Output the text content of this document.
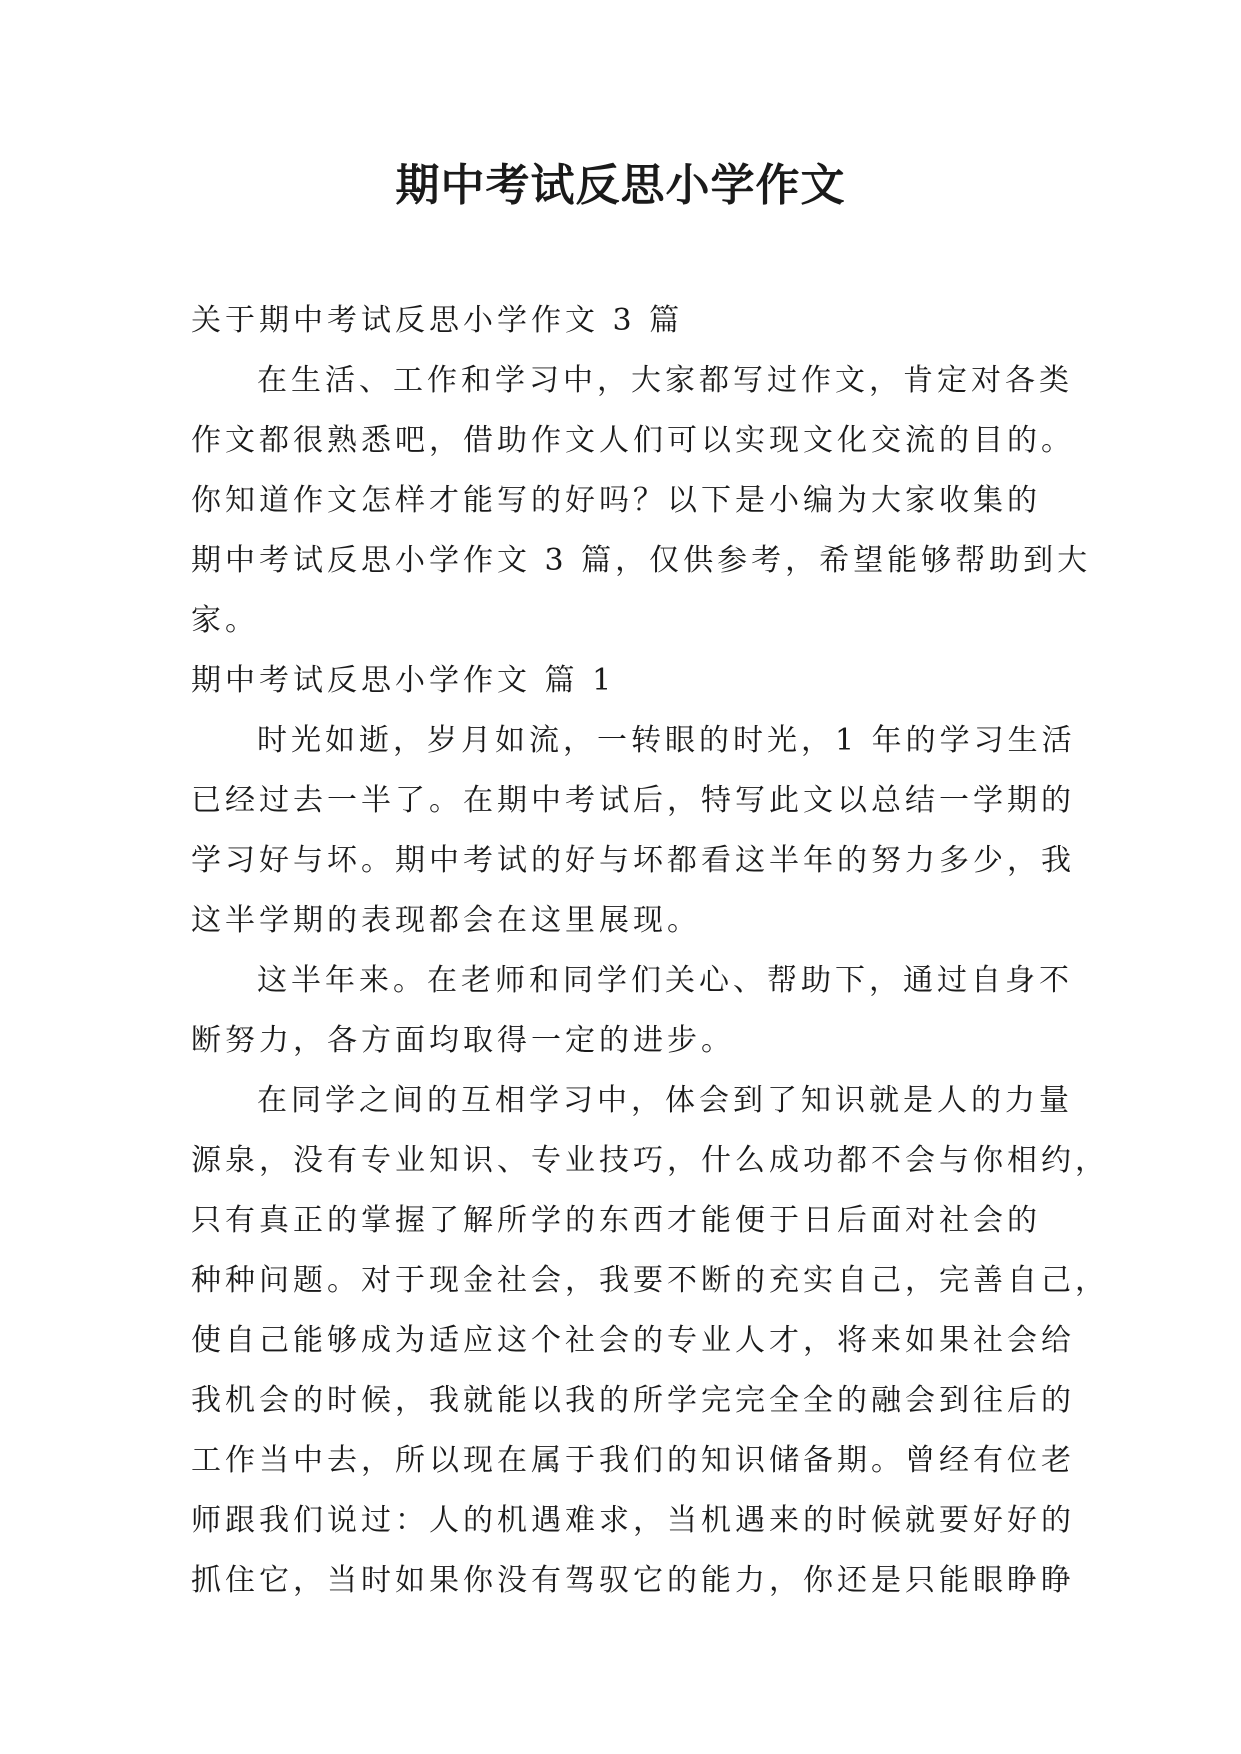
期中考试反思小学作文
关于期中考试反思小学作文 3 篇
在生活、工作和学习中，大家都写过作文，肯定对各类
作文都很熟悉吧，借助作文人们可以实现文化交流的目的。
你知道作文怎样才能写的好吗？以下是小编为大家收集的
期中考试反思小学作文 3 篇，仅供参考，希望能够帮助到大
家。
期中考试反思小学作文 篇 1
时光如逝，岁月如流，一转眼的时光，1 年的学习生活
已经过去一半了。在期中考试后，特写此文以总结一学期的
学习好与坏。期中考试的好与坏都看这半年的努力多少，我
这半学期的表现都会在这里展现。
这半年来。在老师和同学们关心、帮助下，通过自身不
断努力，各方面均取得一定的进步。
在同学之间的互相学习中，体会到了知识就是人的力量
源泉，没有专业知识、专业技巧，什么成功都不会与你相约，
只有真正的掌握了解所学的东西才能便于日后面对社会的
种种问题。对于现金社会，我要不断的充实自己，完善自己，
使自己能够成为适应这个社会的专业人才，将来如果社会给
我机会的时候，我就能以我的所学完完全全的融会到往后的
工作当中去，所以现在属于我们的知识储备期。曾经有位老
师跟我们说过：人的机遇难求，当机遇来的时候就要好好的
抓住它，当时如果你没有驾驭它的能力，你还是只能眼睁睁
